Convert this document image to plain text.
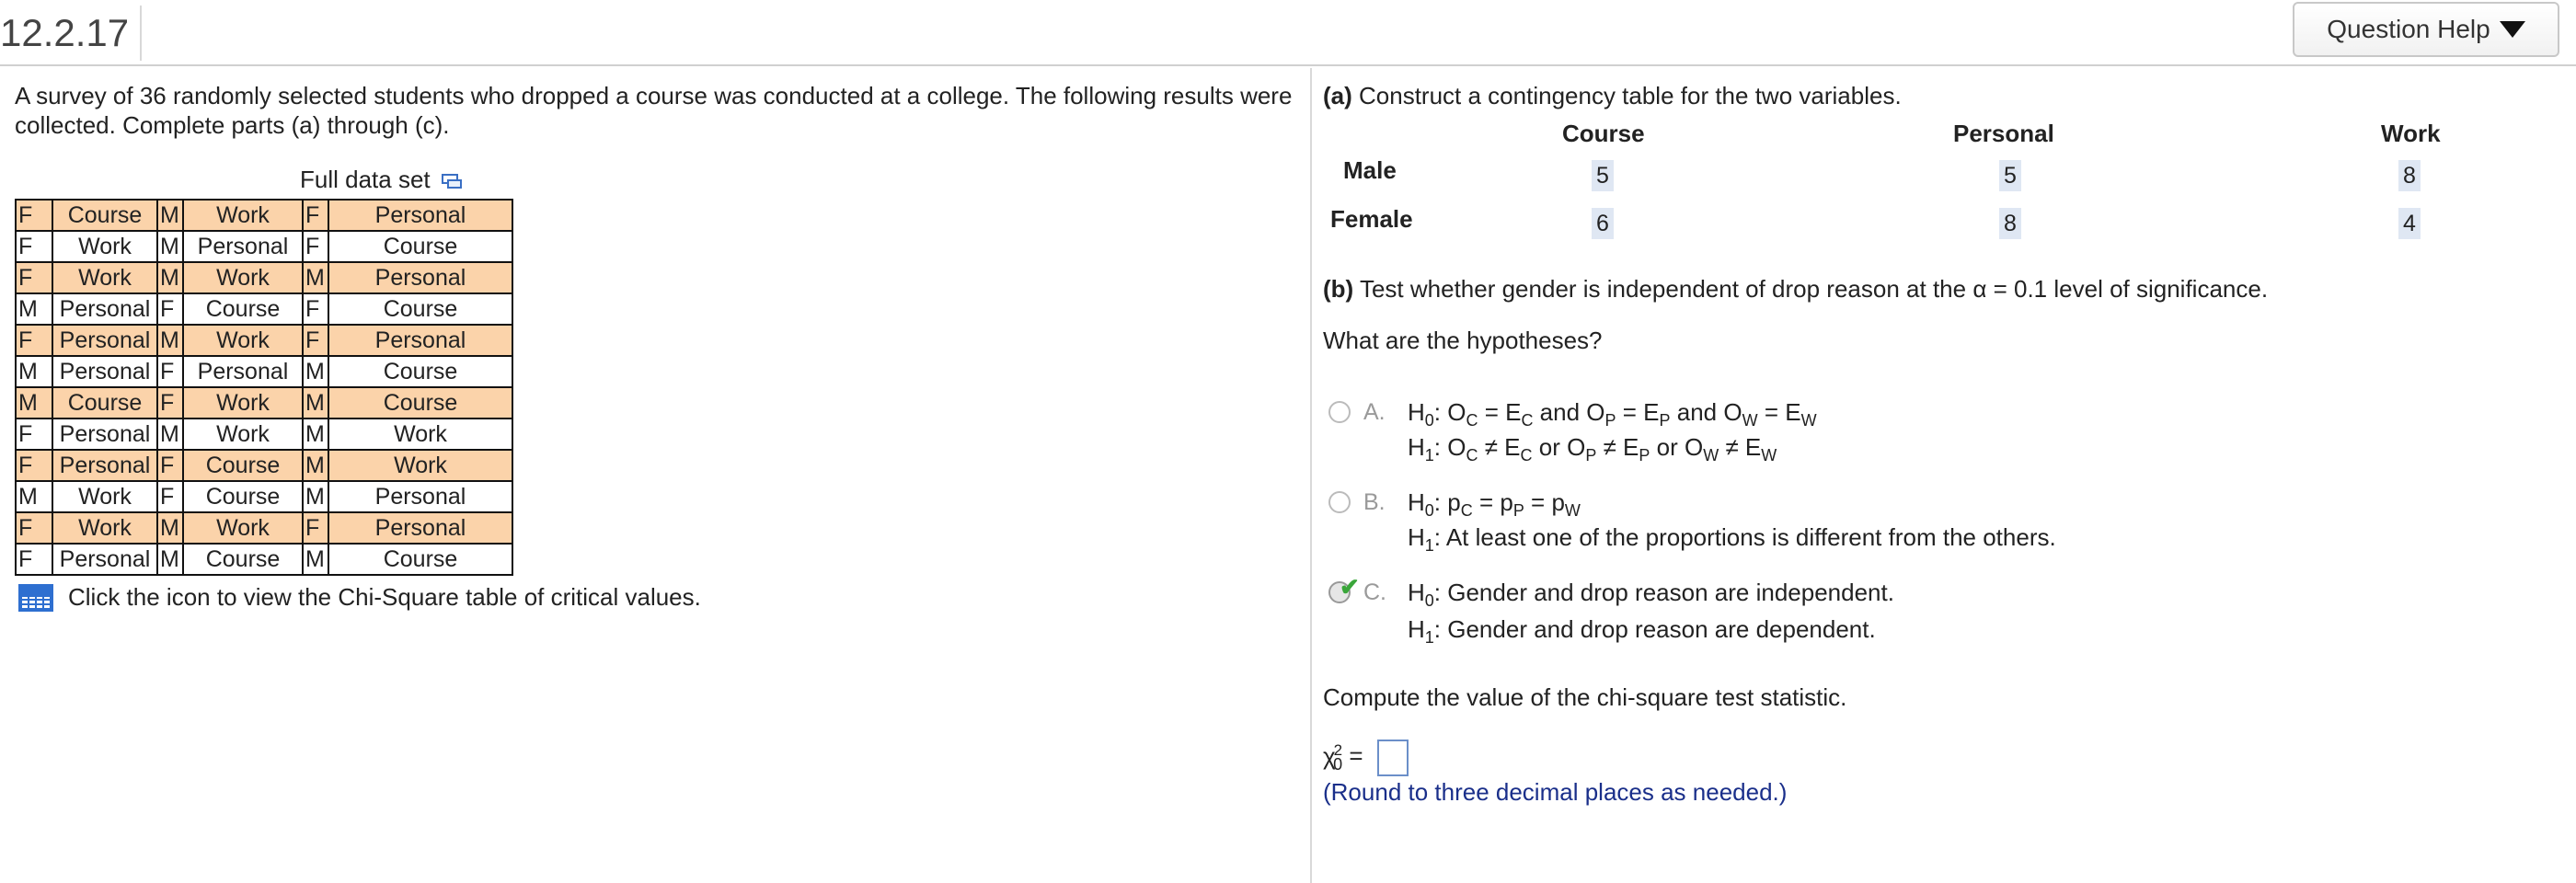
12.2.17	Question Help
A survey of 36 randomly selected students who dropped a course was conducted at a college. The following results were collected. Complete parts (a) through (c).
Full data set
F	Course	M	Work	F	Personal
F	Work	M	Personal	F	Course
F	Work	M	Work	M	Personal
M	Personal	F	Course	F	Course
F	Personal	M	Work	F	Personal
M	Personal	F	Personal	M	Course
M	Course	F	Work	M	Course
F	Personal	M	Work	M	Work
F	Personal	F	Course	M	Work
M	Work	F	Course	M	Personal
F	Work	M	Work	F	Personal
F	Personal	M	Course	M	Course
Click the icon to view the Chi-Square table of critical values.
(a) Construct a contingency table for the two variables.
Course	Personal	Work
Male	5	5	8
Female	6	8	4
(b) Test whether gender is independent of drop reason at the α = 0.1 level of significance.
What are the hypotheses?
A. $H_0$: $O_C = E_C$ and $O_P = E_P$ and $O_W = E_W$
$H_1$: $O_C \ne E_C$ or $O_P \ne E_P$ or $O_W \ne E_W$
B. $H_0$: $p_C = p_P = p_W$
$H_1$: At least one of the proportions is different from the others.
✔ C. $H_0$: Gender and drop reason are independent.
$H_1$: Gender and drop reason are dependent.
Compute the value of the chi-square test statistic.
$\chi^2_0$ =
(Round to three decimal places as needed.)
